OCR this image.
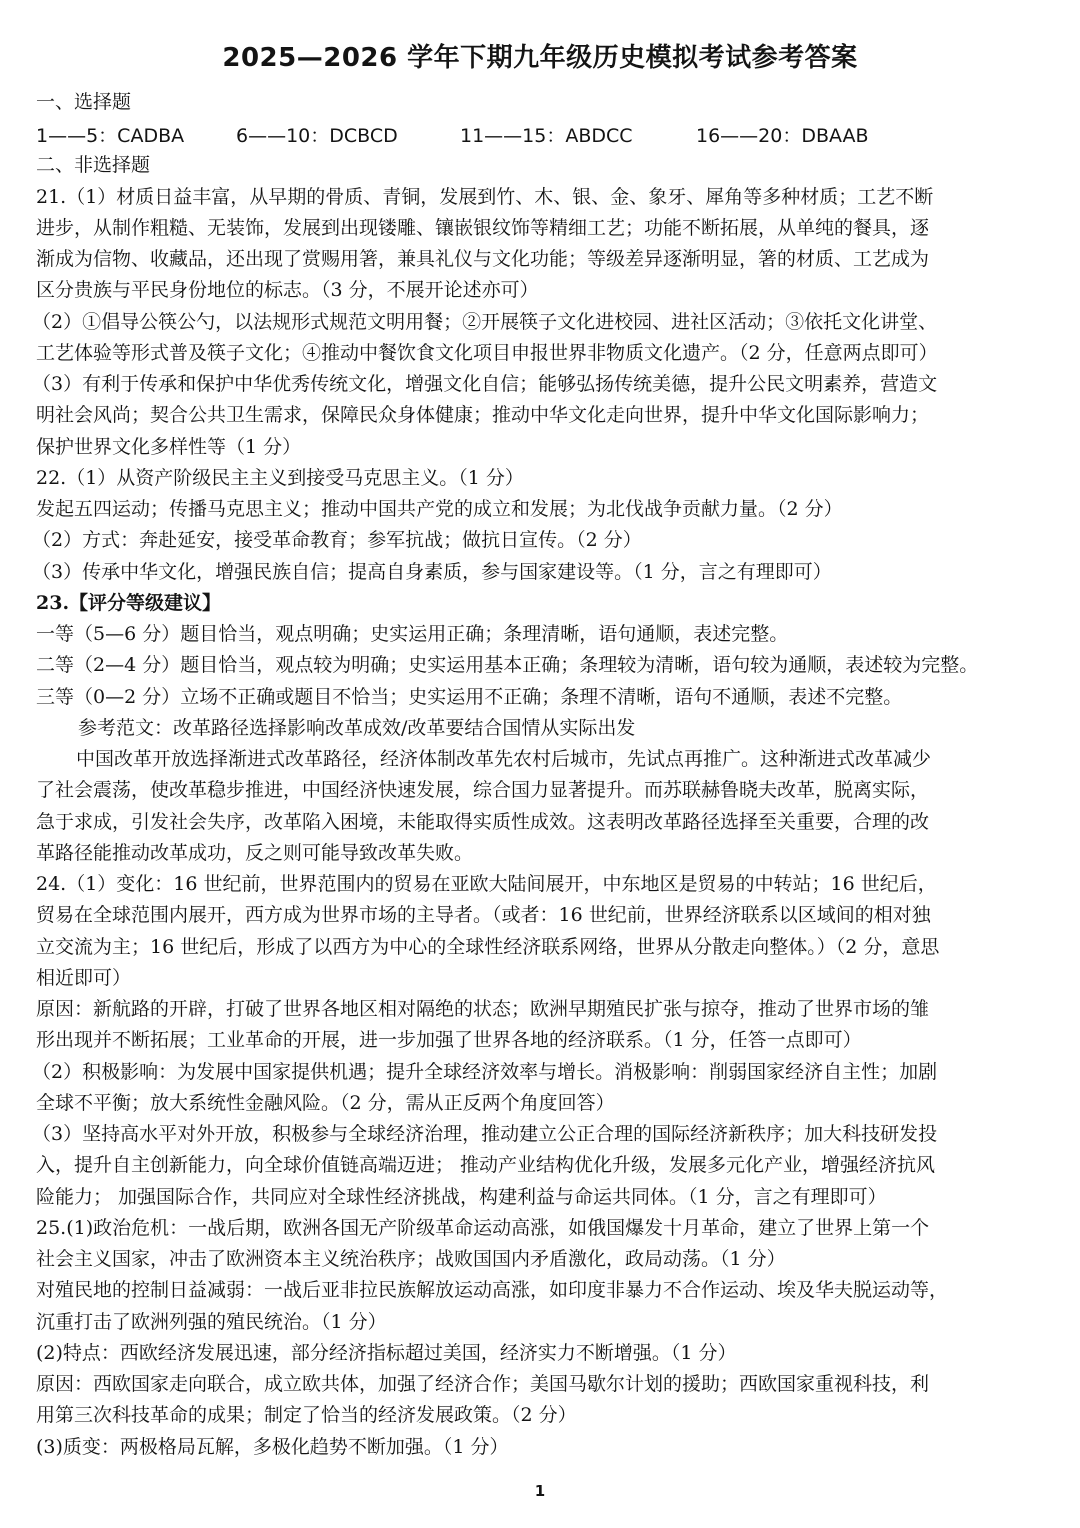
2025—2026 学年下期九年级历史模拟考试参考答案
一、选择题
1——5：CADBA	6——10：DCBCD	11——15：ABDCC	16——20：DBAAB
二、非选择题
21.（1）材质日益丰富，从早期的骨质、青铜，发展到竹、木、银、金、象牙、犀角等多种材质；工艺不断
进步，从制作粗糙、无装饰，发展到出现镂雕、镶嵌银纹饰等精细工艺；功能不断拓展，从单纯的餐具，逐
渐成为信物、收藏品，还出现了赏赐用箸，兼具礼仪与文化功能；等级差异逐渐明显，箸的材质、工艺成为
区分贵族与平民身份地位的标志。（3 分，不展开论述亦可）
（2）①倡导公筷公勺，以法规形式规范文明用餐；②开展筷子文化进校园、进社区活动；③依托文化讲堂、
工艺体验等形式普及筷子文化；④推动中餐饮食文化项目申报世界非物质文化遗产。（2 分，任意两点即可）
（3）有利于传承和保护中华优秀传统文化，增强文化自信；能够弘扬传统美德，提升公民文明素养，营造文
明社会风尚；契合公共卫生需求，保障民众身体健康；推动中华文化走向世界，提升中华文化国际影响力；
保护世界文化多样性等（1 分）
22.（1）从资产阶级民主主义到接受马克思主义。（1 分）
发起五四运动；传播马克思主义；推动中国共产党的成立和发展；为北伐战争贡献力量。（2 分）
（2）方式：奔赴延安，接受革命教育；参军抗战；做抗日宣传。（2 分）
（3）传承中华文化，增强民族自信；提高自身素质，参与国家建设等。（1 分，言之有理即可）
23.【评分等级建议】
一等（5—6 分）题目恰当，观点明确；史实运用正确；条理清晰，语句通顺，表述完整。
二等（2—4 分）题目恰当，观点较为明确；史实运用基本正确；条理较为清晰，语句较为通顺，表述较为完整。
三等（0—2 分）立场不正确或题目不恰当；史实运用不正确；条理不清晰，语句不通顺，表述不完整。
参考范文：改革路径选择影响改革成效/改革要结合国情从实际出发
中国改革开放选择渐进式改革路径，经济体制改革先农村后城市，先试点再推广。这种渐进式改革减少
了社会震荡，使改革稳步推进，中国经济快速发展，综合国力显著提升。而苏联赫鲁晓夫改革，脱离实际，
急于求成，引发社会失序，改革陷入困境，未能取得实质性成效。这表明改革路径选择至关重要，合理的改
革路径能推动改革成功，反之则可能导致改革失败。
24.（1）变化：16 世纪前，世界范围内的贸易在亚欧大陆间展开，中东地区是贸易的中转站；16 世纪后，
贸易在全球范围内展开，西方成为世界市场的主导者。（或者：16 世纪前，世界经济联系以区域间的相对独
立交流为主；16 世纪后，形成了以西方为中心的全球性经济联系网络，世界从分散走向整体。）（2 分，意思
相近即可）
原因：新航路的开辟，打破了世界各地区相对隔绝的状态；欧洲早期殖民扩张与掠夺，推动了世界市场的雏
形出现并不断拓展；工业革命的开展，进一步加强了世界各地的经济联系。（1 分，任答一点即可）
（2）积极影响：为发展中国家提供机遇；提升全球经济效率与增长。消极影响：削弱国家经济自主性；加剧
全球不平衡；放大系统性金融风险。（2 分，需从正反两个角度回答）
（3）坚持高水平对外开放，积极参与全球经济治理，推动建立公正合理的国际经济新秩序；加大科技研发投
入，提升自主创新能力，向全球价值链高端迈进； 推动产业结构优化升级，发展多元化产业，增强经济抗风
险能力； 加强国际合作，共同应对全球性经济挑战，构建利益与命运共同体。（1 分，言之有理即可）
25.(1)政治危机：一战后期，欧洲各国无产阶级革命运动高涨，如俄国爆发十月革命，建立了世界上第一个
社会主义国家，冲击了欧洲资本主义统治秩序；战败国国内矛盾激化，政局动荡。（1 分）
对殖民地的控制日益减弱：一战后亚非拉民族解放运动高涨，如印度非暴力不合作运动、埃及华夫脱运动等，
沉重打击了欧洲列强的殖民统治。（1 分）
(2)特点：西欧经济发展迅速，部分经济指标超过美国，经济实力不断增强。（1 分）
原因：西欧国家走向联合，成立欧共体，加强了经济合作；美国马歇尔计划的援助；西欧国家重视科技，利
用第三次科技革命的成果；制定了恰当的经济发展政策。（2 分）
(3)质变：两极格局瓦解，多极化趋势不断加强。（1 分）
1
